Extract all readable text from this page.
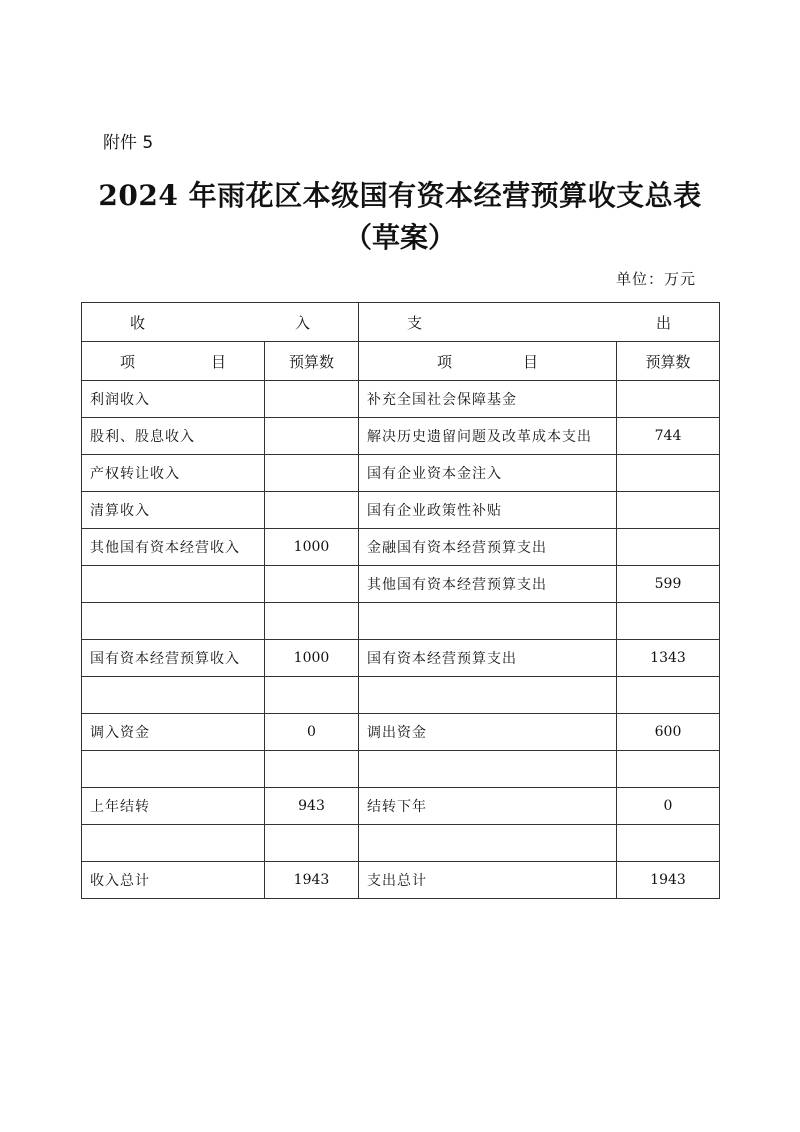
附件 5
2024 年雨花区本级国有资本经营预算收支总表
（草案）
单位：万元
收 入		支 出	

项 目	预算数	项 目	预算数
利润收入		补充全国社会保障基金	
股利、股息收入		解决历史遗留问题及改革成本支出	744
产权转让收入		国有企业资本金注入	
清算收入		国有企业政策性补贴	
其他国有资本经营收入	1000	金融国有资本经营预算支出	
		其他国有资本经营预算支出	599

国有资本经营预算收入	1000	国有资本经营预算支出	1343

调入资金	0	调出资金	600

上年结转	943	结转下年	0

收入总计	1943	支出总计	1943
